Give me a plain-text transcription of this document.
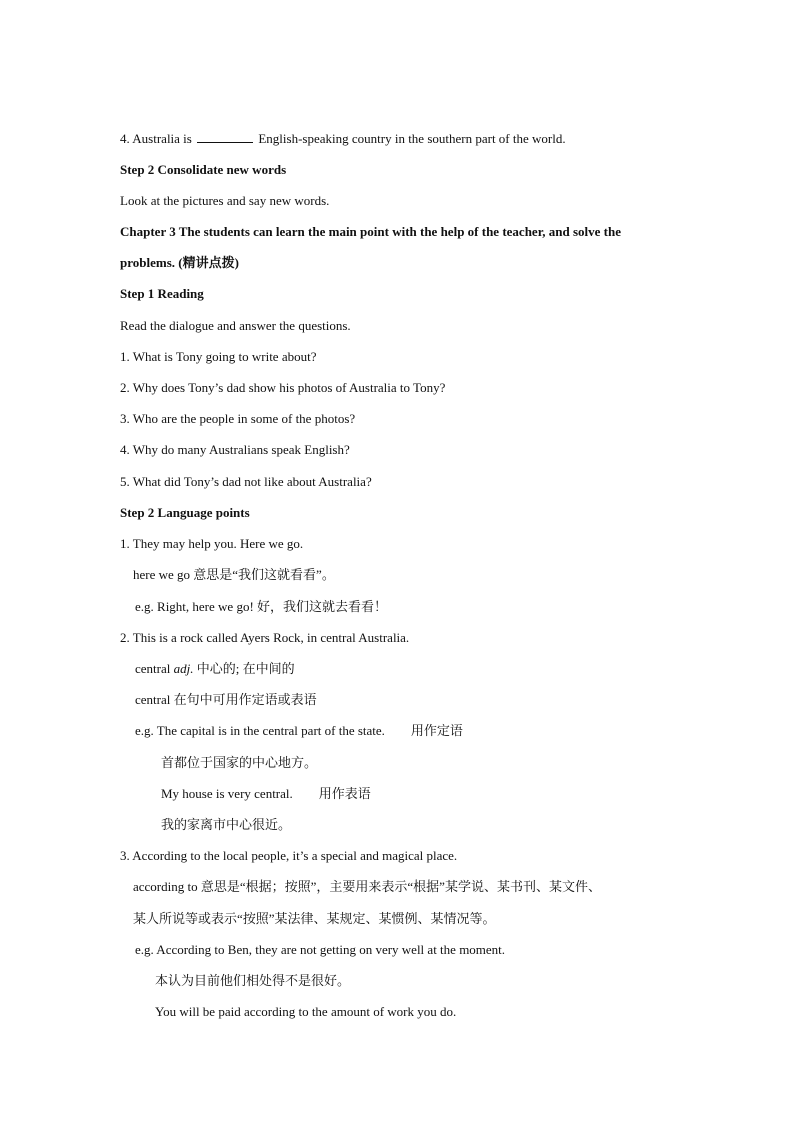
4. Australia is	English-speaking country in the southern part of the world.
Step 2 Consolidate new words
Look at the pictures and say new words.
Chapter 3 The students can learn the main point with the help of the teacher, and solve the
problems. (精讲点拨)
Step 1 Reading
Read the dialogue and answer the questions.
1. What is Tony going to write about?
2. Why does Tony’s dad show his photos of Australia to Tony?
3. Who are the people in some of the photos?
4. Why do many Australians speak English?
5. What did Tony’s dad not like about Australia?
Step 2 Language points
1. They may help you. Here we go.
here we go 意思是“我们这就看看”。
e.g. Right, here we go! 好，我们这就去看看！
2. This is a rock called Ayers Rock, in central Australia.
central adj. 中心的; 在中间的
central 在句中可用作定语或表语
e.g. The capital is in the central part of the state. 用作定语
首都位于国家的中心地方。
My house is very central. 用作表语
我的家离市中心很近。
3. According to the local people, it’s a special and magical place.
according to 意思是“根据；按照”，主要用来表示“根据”某学说、某书刊、某文件、
某人所说等或表示“按照”某法律、某规定、某惯例、某情况等。
e.g. According to Ben, they are not getting on very well at the moment.
本认为目前他们相处得不是很好。
You will be paid according to the amount of work you do.
